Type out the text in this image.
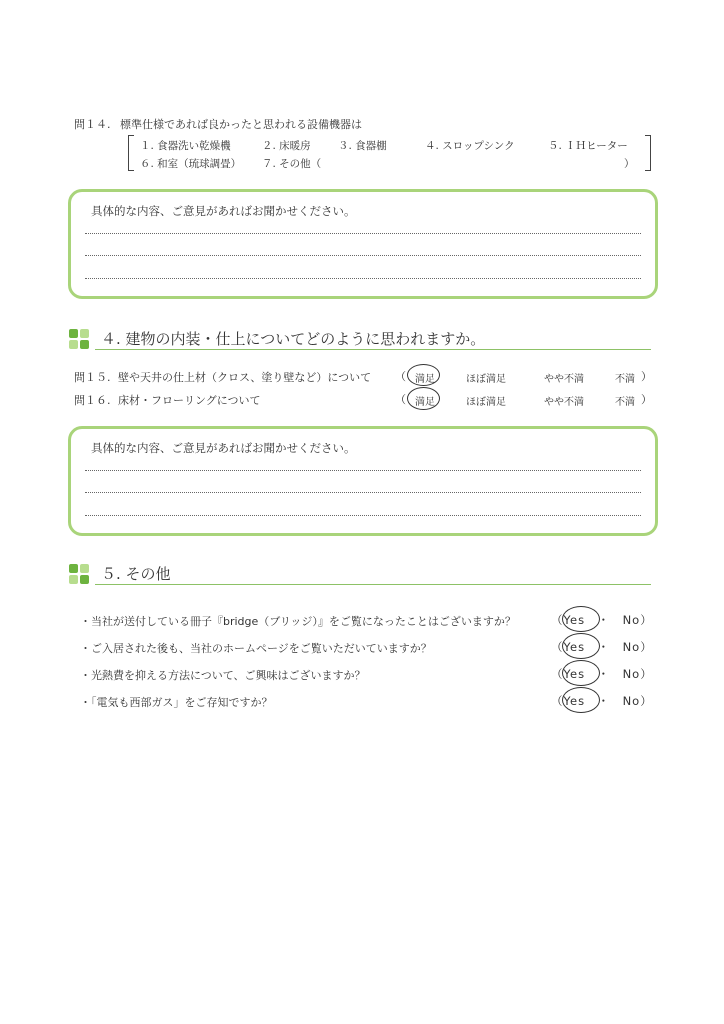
問１４. 標準仕様であれば良かったと思われる設備機器は
１. 食器洗い乾燥機	２. 床暖房	３. 食器棚	４. スロップシンク	５. ＩＨヒーター
６. 和室（琉球調畳） ７. その他（	）
具体的な内容、ご意見があればお聞かせください。
４. 建物の内装・仕上についてどのように思われますか。
問１５. 壁や天井の仕上材（クロス、塗り壁など）について （ 満足	ほぼ満足	やや不満	不満 ）
問１６. 床材・フローリングについて	（ 満足	ほぼ満足	やや不満	不満 ）
具体的な内容、ご意見があればお聞かせください。
５. その他
・当社が送付している冊子『bridge（ブリッジ）』をご覧になったことはございますか？	（Yes　・　No）
・ご入居された後も、当社のホームページをご覧いただいていますか？	（Yes　・　No）
・光熱費を抑える方法について、ご興味はございますか？	（Yes　・　No）
・「電気も西部ガス」をご存知ですか？	（Yes　・　No）
